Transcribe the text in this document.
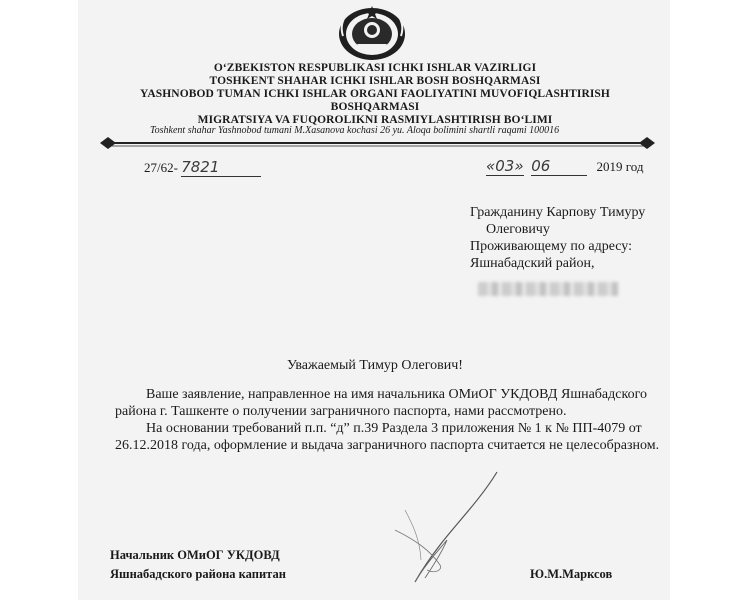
O‘ZBEKISTON RESPUBLIKASI ICHKI ISHLAR VAZIRLIGI
TOSHKENT SHAHAR ICHKI ISHLAR BOSH BOSHQARMASI
YASHNOBOD TUMAN ICHKI ISHLAR ORGANI FAOLIYATINI MUVOFIQLASHTIRISH
BOSHQARMASI
MIGRATSIYA VA FUQOROLIKNI RASMIYLASHTIRISH BO‘LIMI
Toshkent shahar Yashnobod tumani M.Xasanova kochasi 26 yu. Aloqa bolimini shartli raqami 100016
27/62- 7821	«03» 06	2019 год
Гражданину Карпову Тимуру
Олеговичу
Проживающему по адресу:
Яшнабадский район,
Уважаемый Тимур Олегович!
Ваше заявление, направленное на имя начальника ОМиОГ УКДОВД Яшнабадского
района г. Ташкенте о получении заграничного паспорта, нами рассмотрено.
На основании требований п.п. “д” п.39 Раздела 3 приложения № 1 к № ПП-4079 от
26.12.2018 года, оформление и выдача заграничного паспорта считается не целесобразном.
Начальник ОМиОГ УКДОВД
Яшнабадского района капитан	Ю.М.Марксов
